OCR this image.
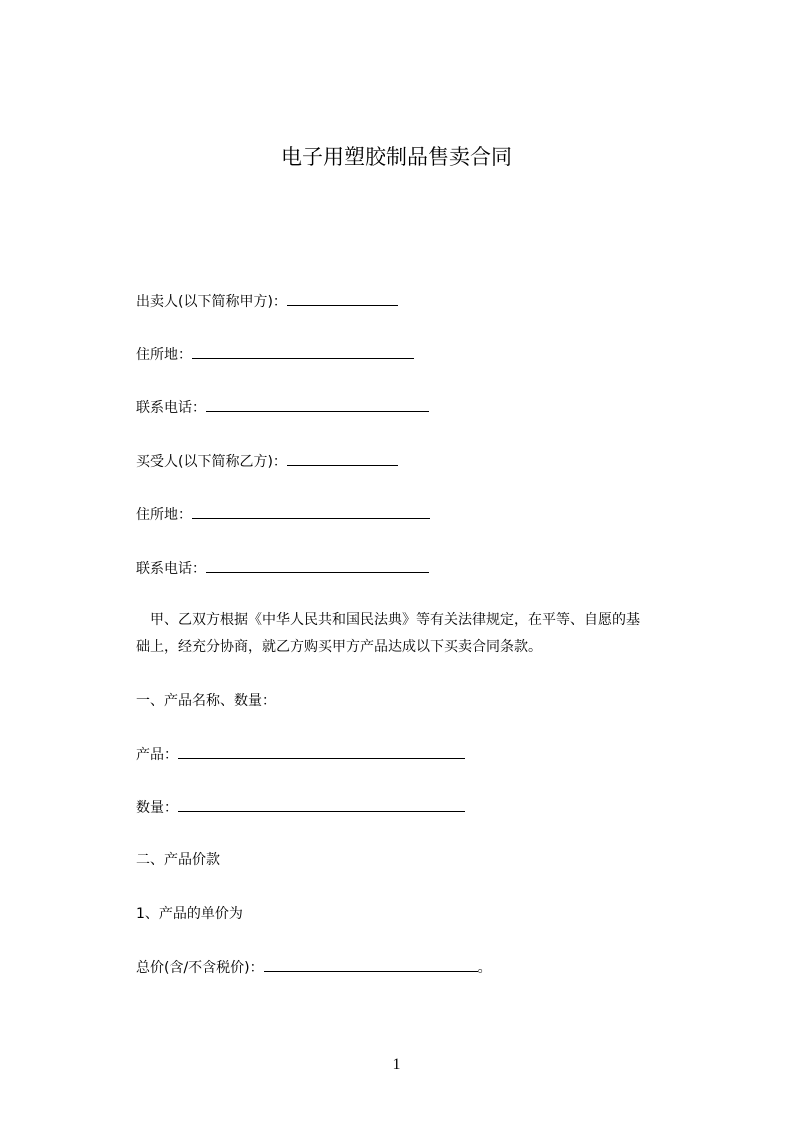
电子用塑胶制品售卖合同

出卖人(以下简称甲方)：

住所地：

联系电话：

买受人(以下简称乙方)：

住所地：

联系电话：

甲、乙双方根据《中华人民共和国民法典》等有关法律规定，在平等、自愿的基

础上，经充分协商，就乙方购买甲方产品达成以下买卖合同条款。

一、产品名称、数量：

产品：

数量：

二、产品价款

1、产品的单价为

总价(含/不含税价)：	。

1
